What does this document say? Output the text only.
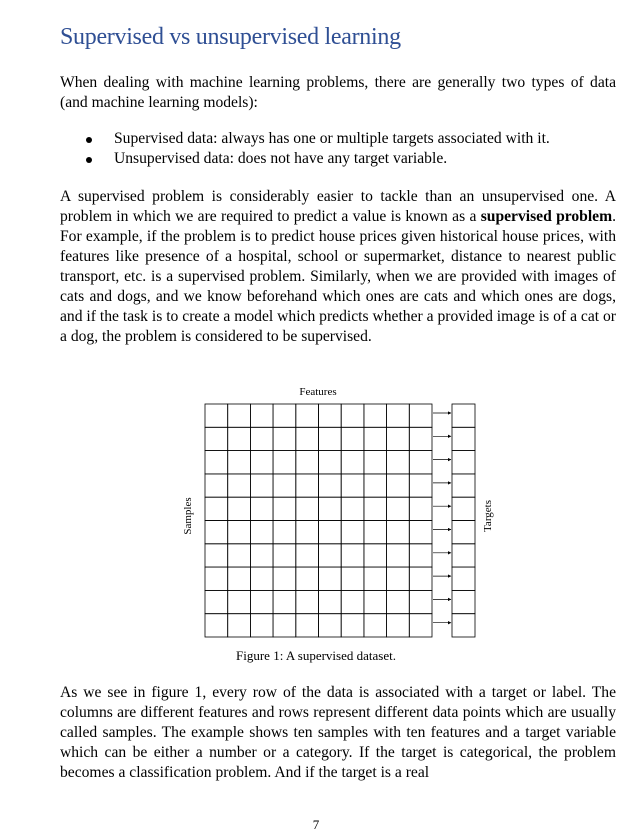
Supervised vs unsupervised learning
When dealing with machine learning problems, there are generally two types of data (and machine learning models):
Supervised data: always has one or multiple targets associated with it.
Unsupervised data: does not have any target variable.
A supervised problem is considerably easier to tackle than an unsupervised one. A problem in which we are required to predict a value is known as a supervised problem. For example, if the problem is to predict house prices given historical house prices, with features like presence of a hospital, school or supermarket, distance to nearest public transport, etc. is a supervised problem. Similarly, when we are provided with images of cats and dogs, and we know beforehand which ones are cats and which ones are dogs, and if the task is to create a model which predicts whether a provided image is of a cat or a dog, the problem is considered to be supervised.
Features
Samples	Targets
Figure 1: A supervised dataset.
As we see in figure 1, every row of the data is associated with a target or label. The columns are different features and rows represent different data points which are usually called samples. The example shows ten samples with ten features and a target variable which can be either a number or a category. If the target is categorical, the problem becomes a classification problem. And if the target is a real
7
